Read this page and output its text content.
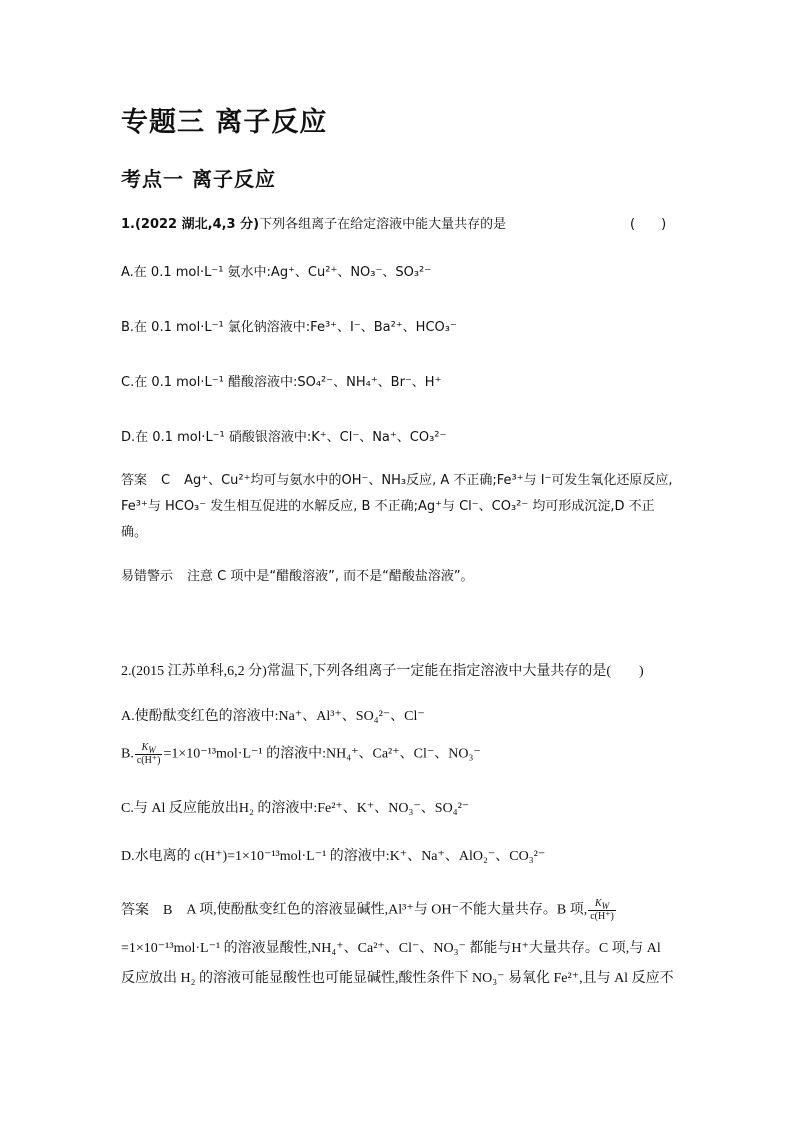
专题三 离子反应
考点一 离子反应
1.(2022 湖北,4,3 分)下列各组离子在给定溶液中能大量共存的是	(　　)
A.在 0.1 mol·L⁻¹ 氨水中:Ag⁺、Cu²⁺、NO₃⁻、SO₃²⁻
B.在 0.1 mol·L⁻¹ 氯化钠溶液中:Fe³⁺、I⁻、Ba²⁺、HCO₃⁻
C.在 0.1 mol·L⁻¹ 醋酸溶液中:SO₄²⁻、NH₄⁺、Br⁻、H⁺
D.在 0.1 mol·L⁻¹ 硝酸银溶液中:K⁺、Cl⁻、Na⁺、CO₃²⁻
答案 C Ag⁺、Cu²⁺均可与氨水中的OH⁻、NH₃反应, A 不正确;Fe³⁺与 I⁻可发生氧化还原反应, Fe³⁺与 HCO₃⁻ 发生相互促进的水解反应, B 不正确;Ag⁺与 Cl⁻、CO₃²⁻ 均可形成沉淀,D 不正确。
易错警示 注意 C 项中是“醋酸溶液”, 而不是“醋酸盐溶液”。
2.(2015 江苏单科,6,2 分)常温下,下列各组离子一定能在指定溶液中大量共存的是(　　)
A.使酚酞变红色的溶液中:Na⁺、Al³⁺、SO₄²⁻、Cl⁻
B. $\frac{K_W}{c(H^+)} =1\times 10^{-13}mol\cdot L^{-1}$ 的溶液中:NH₄⁺、Ca²⁺、Cl⁻、NO₃⁻
C.与 Al 反应能放出H₂ 的溶液中:Fe²⁺、K⁺、NO₃⁻、SO₄²⁻
D.水电离的 c(H⁺)=1×10⁻¹³mol·L⁻¹ 的溶液中:K⁺、Na⁺、AlO₂⁻、CO₃²⁻
答案 B A 项,使酚酞变红色的溶液显碱性,Al³⁺与 OH⁻不能大量共存。B 项, $\frac{K_W}{c(H^+)}$
=1×10⁻¹³mol·L⁻¹ 的溶液显酸性,NH₄⁺、Ca²⁺、Cl⁻、NO₃⁻ 都能与H⁺大量共存。C 项,与 Al 反应放出 H₂ 的溶液可能显酸性也可能显碱性,酸性条件下 NO₃⁻ 易氧化 Fe²⁺,且与 Al 反应不
